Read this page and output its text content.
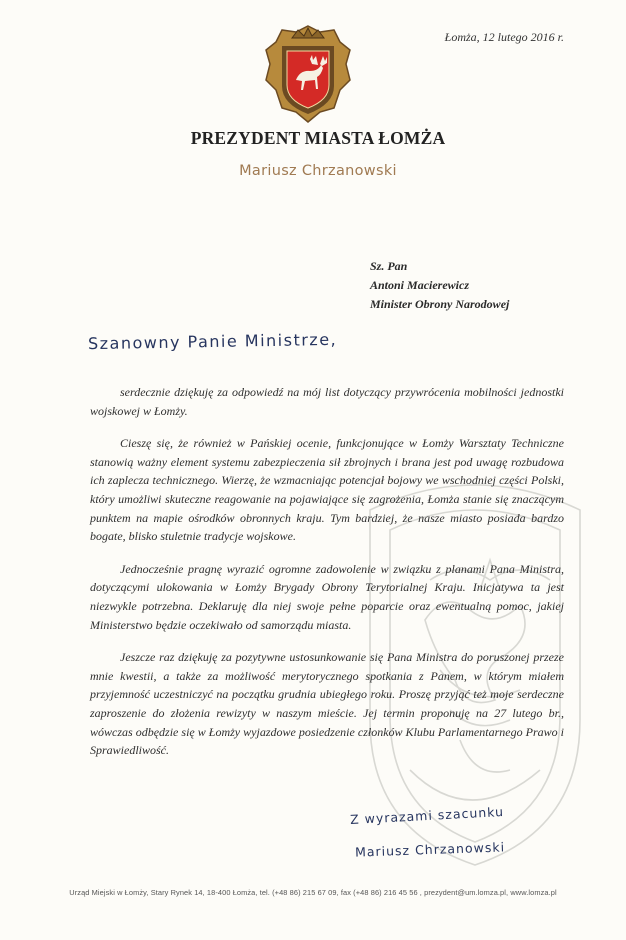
Łomża, 12 lutego 2016 r.
PREZYDENT MIASTA ŁOMŻA
Mariusz Chrzanowski
Sz. Pan
Antoni Macierewicz
Minister Obrony Narodowej
Szanowny Panie Ministrze,

serdecznie dziękuję za odpowiedź na mój list dotyczący przywrócenia mobilności jednostki wojskowej w Łomży.

Cieszę się, że również w Pańskiej ocenie, funkcjonujące w Łomży Warsztaty Techniczne stanowią ważny element systemu zabezpieczenia sił zbrojnych i brana jest pod uwagę rozbudowa ich zaplecza technicznego. Wierzę, że wzmacniając potencjał bojowy we wschodniej części Polski, który umożliwi skuteczne reagowanie na pojawiające się zagrożenia, Łomża stanie się znaczącym punktem na mapie ośrodków obronnych kraju. Tym bardziej, że nasze miasto posiada bardzo bogate, blisko stuletnie tradycje wojskowe.

Jednocześnie pragnę wyrazić ogromne zadowolenie w związku z planami Pana Ministra, dotyczącymi ulokowania w Łomży Brygady Obrony Terytorialnej Kraju. Inicjatywa ta jest niezwykle potrzebna. Deklaruję dla niej swoje pełne poparcie oraz ewentualną pomoc, jakiej Ministerstwo będzie oczekiwało od samorządu miasta.

Jeszcze raz dziękuję za pozytywne ustosunkowanie się Pana Ministra do poruszonej przeze mnie kwestii, a także za możliwość merytorycznego spotkania z Panem, w którym miałem przyjemność uczestniczyć na początku grudnia ubiegłego roku. Proszę przyjąć też moje serdeczne zaproszenie do złożenia rewizyty w naszym mieście. Jej termin proponuję na 27 lutego br., wówczas odbędzie się w Łomży wyjazdowe posiedzenie członków Klubu Parlamentarnego Prawo i Sprawiedliwość.

Z wyrazami szacunku
Mariusz Chrzanowski
Urząd Miejski w Łomży, Stary Rynek 14, 18-400 Łomża, tel. (+48 86) 215 67 09, fax (+48 86) 216 45 56 , prezydent@um.lomza.pl, www.lomza.pl
